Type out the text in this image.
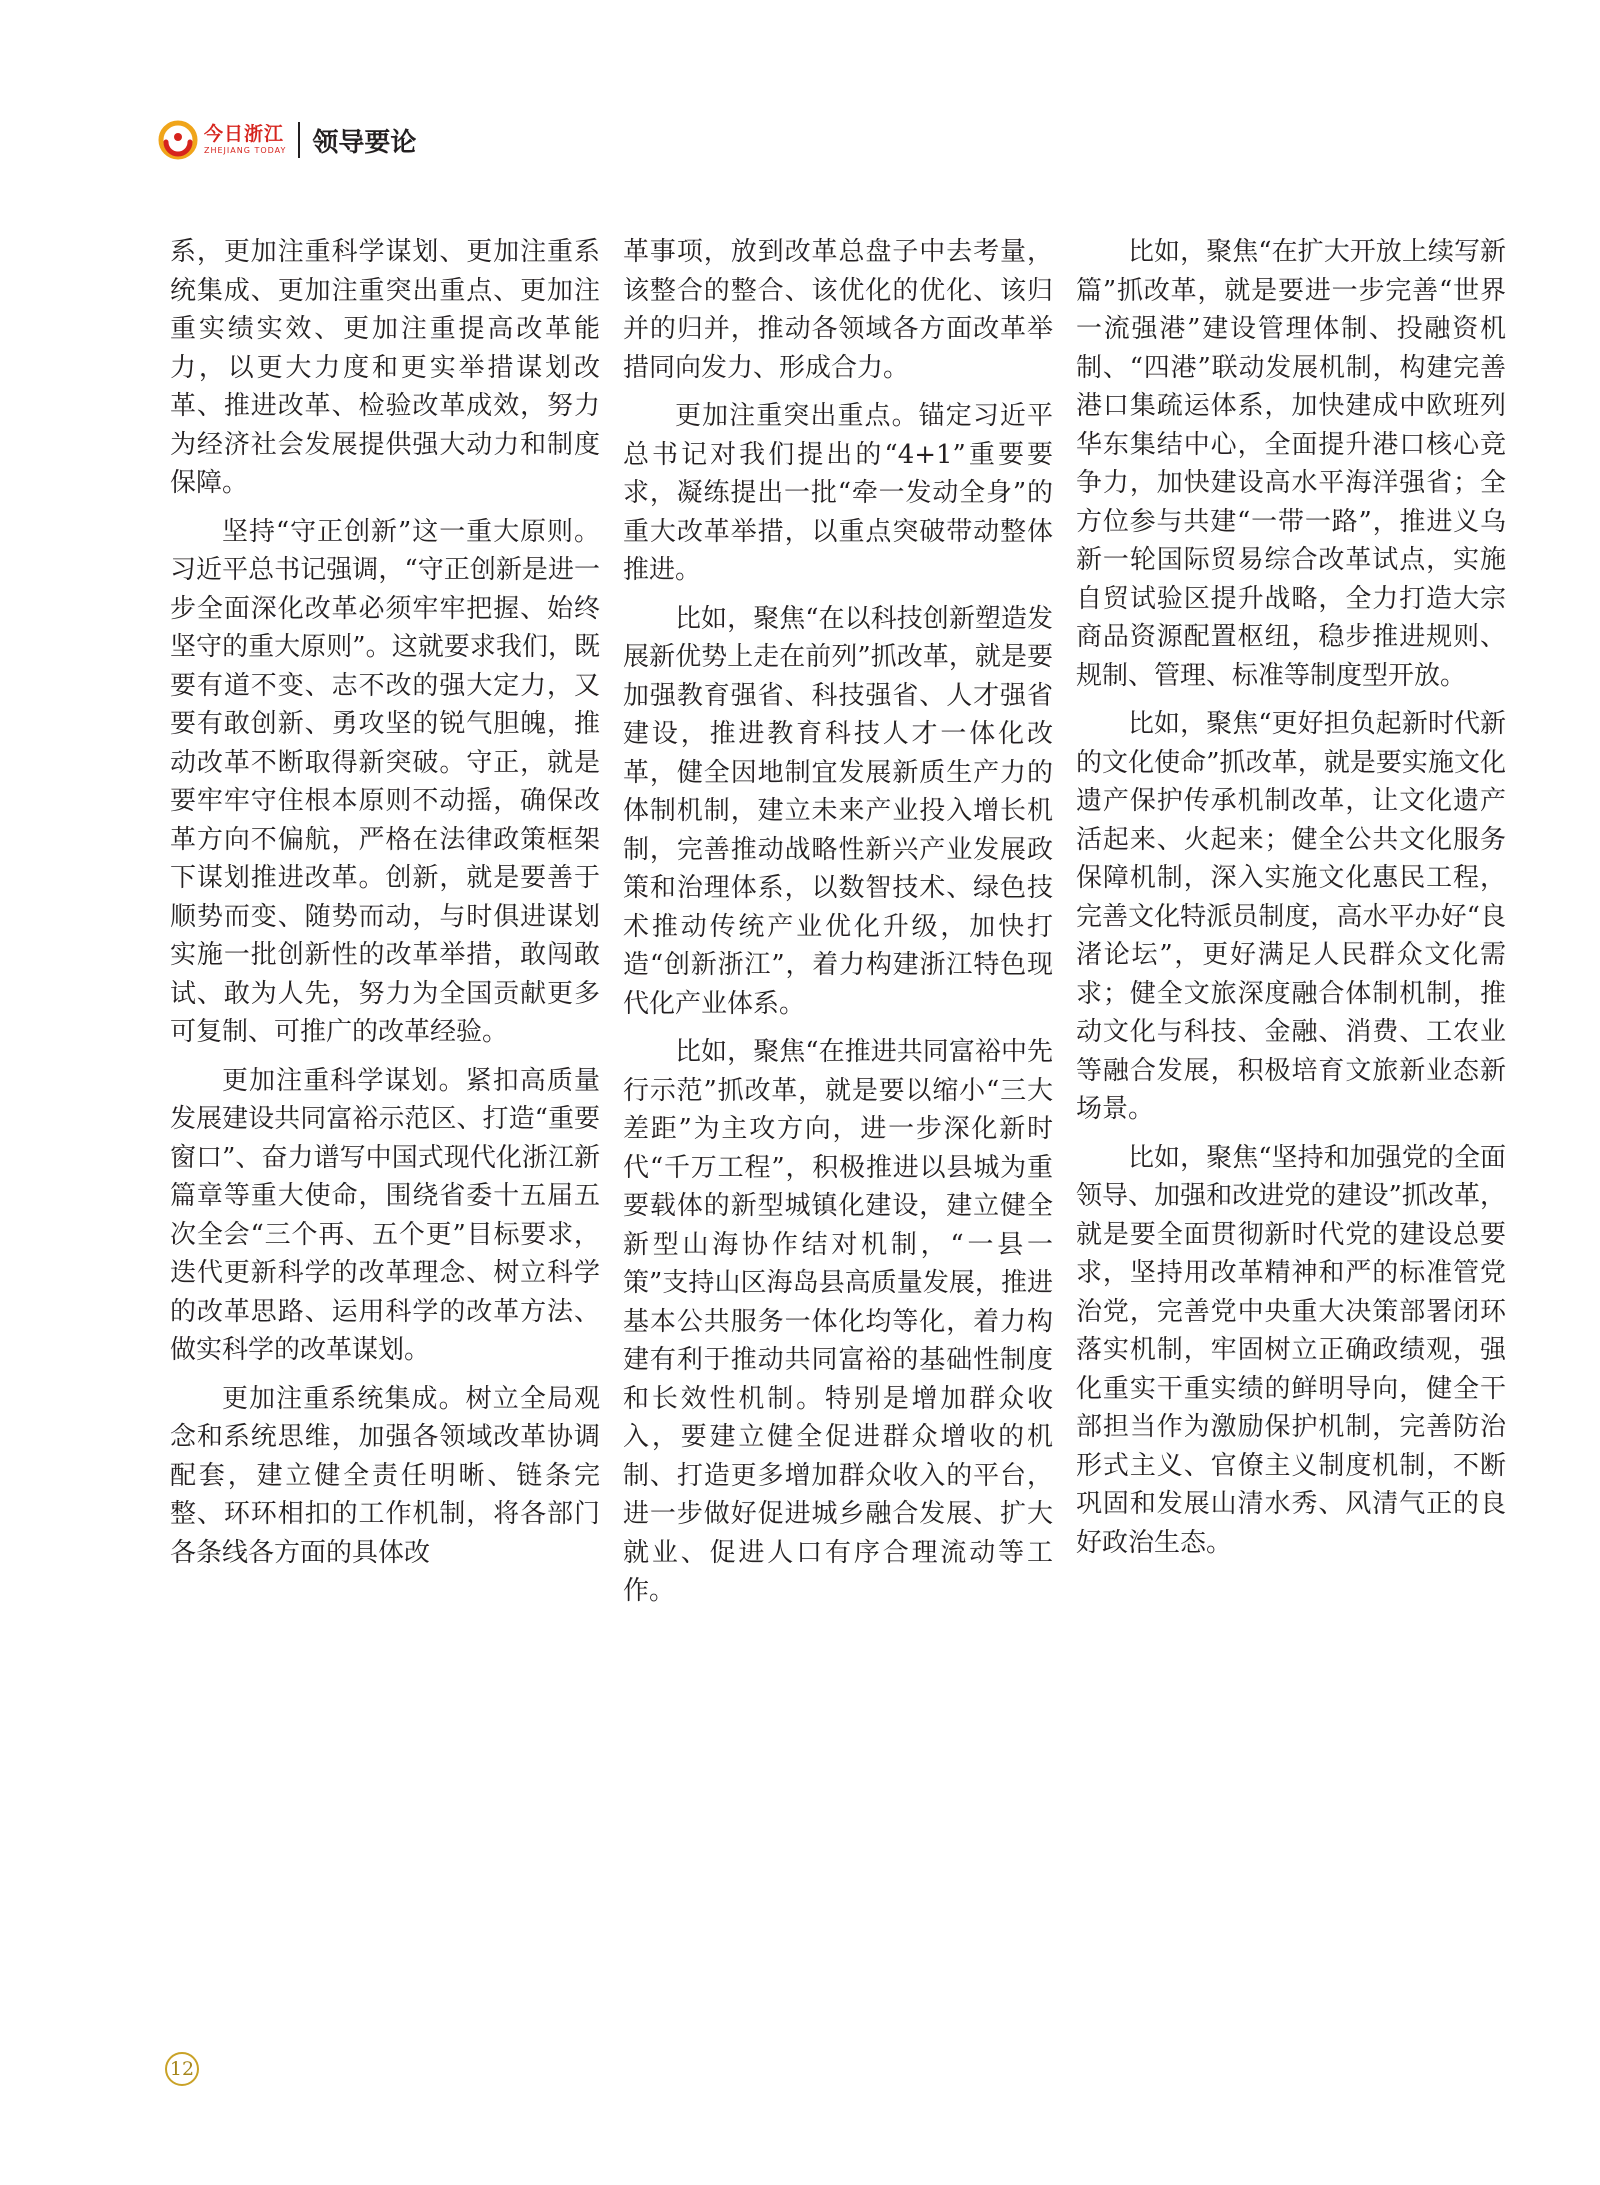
今日浙江
ZHEJIANG TODAY 领导要论

系，更加注重科学谋划、更加注重系统集成、更加注重突出重点、更加注重实绩实效、更加注重提高改革能力，以更大力度和更实举措谋划改革、推进改革、检验改革成效，努力为经济社会发展提供强大动力和制度保障。

坚持“守正创新”这一重大原则。习近平总书记强调，“守正创新是进一步全面深化改革必须牢牢把握、始终坚守的重大原则”。这就要求我们，既要有道不变、志不改的强大定力，又要有敢创新、勇攻坚的锐气胆魄，推动改革不断取得新突破。守正，就是要牢牢守住根本原则不动摇，确保改革方向不偏航，严格在法律政策框架下谋划推进改革。创新，就是要善于顺势而变、随势而动，与时俱进谋划实施一批创新性的改革举措，敢闯敢试、敢为人先，努力为全国贡献更多可复制、可推广的改革经验。

更加注重科学谋划。紧扣高质量发展建设共同富裕示范区、打造“重要窗口”、奋力谱写中国式现代化浙江新篇章等重大使命，围绕省委十五届五次全会“三个再、五个更”目标要求，迭代更新科学的改革理念、树立科学的改革思路、运用科学的改革方法、做实科学的改革谋划。

更加注重系统集成。树立全局观念和系统思维，加强各领域改革协调配套，建立健全责任明晰、链条完整、环环相扣的工作机制，将各部门各条线各方面的具体改

革事项，放到改革总盘子中去考量，该整合的整合、该优化的优化、该归并的归并，推动各领域各方面改革举措同向发力、形成合力。

更加注重突出重点。锚定习近平总书记对我们提出的“4+1”重要要求，凝练提出一批“牵一发动全身”的重大改革举措，以重点突破带动整体推进。

比如，聚焦“在以科技创新塑造发展新优势上走在前列”抓改革，就是要加强教育强省、科技强省、人才强省建设，推进教育科技人才一体化改革，健全因地制宜发展新质生产力的体制机制，建立未来产业投入增长机制，完善推动战略性新兴产业发展政策和治理体系，以数智技术、绿色技术推动传统产业优化升级，加快打造“创新浙江”，着力构建浙江特色现代化产业体系。

比如，聚焦“在推进共同富裕中先行示范”抓改革，就是要以缩小“三大差距”为主攻方向，进一步深化新时代“千万工程”，积极推进以县城为重要载体的新型城镇化建设，建立健全新型山海协作结对机制，“一县一策”支持山区海岛县高质量发展，推进基本公共服务一体化均等化，着力构建有利于推动共同富裕的基础性制度和长效性机制。特别是增加群众收入，要建立健全促进群众增收的机制、打造更多增加群众收入的平台，进一步做好促进城乡融合发展、扩大就业、促进人口有序合理流动等工作。

比如，聚焦“在扩大开放上续写新篇”抓改革，就是要进一步完善“世界一流强港”建设管理体制、投融资机制、“四港”联动发展机制，构建完善港口集疏运体系，加快建成中欧班列华东集结中心，全面提升港口核心竞争力，加快建设高水平海洋强省；全方位参与共建“一带一路”，推进义乌新一轮国际贸易综合改革试点，实施自贸试验区提升战略，全力打造大宗商品资源配置枢纽，稳步推进规则、规制、管理、标准等制度型开放。

比如，聚焦“更好担负起新时代新的文化使命”抓改革，就是要实施文化遗产保护传承机制改革，让文化遗产活起来、火起来；健全公共文化服务保障机制，深入实施文化惠民工程，完善文化特派员制度，高水平办好“良渚论坛”，更好满足人民群众文化需求；健全文旅深度融合体制机制，推动文化与科技、金融、消费、工农业等融合发展，积极培育文旅新业态新场景。

比如，聚焦“坚持和加强党的全面领导、加强和改进党的建设”抓改革，就是要全面贯彻新时代党的建设总要求，坚持用改革精神和严的标准管党治党，完善党中央重大决策部署闭环落实机制，牢固树立正确政绩观，强化重实干重实绩的鲜明导向，健全干部担当作为激励保护机制，完善防治形式主义、官僚主义制度机制，不断巩固和发展山清水秀、风清气正的良好政治生态。

12
